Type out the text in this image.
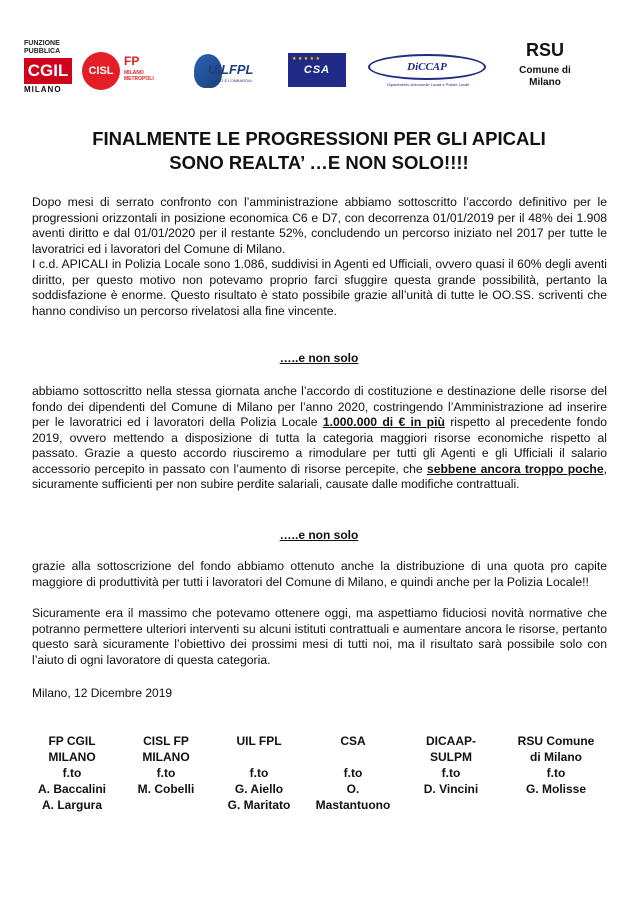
FUNZIONE PUBBLICA
CGIL
MILANO
CISL
FP
MILANO METROPOLI
UILFPL
MILANO E LOMBARDIA
★ ★ ★ ★ ★
CSA	DiCCAP
Dipartimento Autonomie Locali e Polizie Locali
RSU
Comune di
Milano
FINALMENTE LE PROGRESSIONI PER GLI APICALI
SONO REALTA’ …E NON SOLO!!!!
Dopo mesi di serrato confronto con l’amministrazione abbiamo sottoscritto l’accordo definitivo per le progressioni orizzontali in posizione economica C6 e D7, con decorrenza 01/01/2019 per il 48% dei 1.908 aventi diritto e dal 01/01/2020 per il restante 52%, concludendo un percorso iniziato nel 2017 per tutte le lavoratrici ed i lavoratori del Comune di Milano.
I c.d. APICALI in Polizia Locale sono 1.086, suddivisi in Agenti ed Ufficiali, ovvero quasi il 60% degli aventi diritto, per questo motivo non potevamo proprio farci sfuggire questa grande possibilità, pertanto la soddisfazione è enorme. Questo risultato è stato possibile grazie all’unità di tutte le OO.SS. scriventi che hanno condiviso un percorso rivelatosi alla fine vincente.
…..e non solo
abbiamo sottoscritto nella stessa giornata anche l’accordo di costituzione e destinazione delle risorse del fondo dei dipendenti del Comune di Milano per l’anno 2020, costringendo l’Amministrazione ad inserire per le lavoratrici ed i lavoratori della Polizia Locale 1.000.000 di € in più rispetto al precedente fondo 2019, ovvero mettendo a disposizione di tutta la categoria maggiori risorse economiche rispetto al passato. Grazie a questo accordo riusciremo a rimodulare per tutti gli Agenti e gli Ufficiali il salario accessorio percepito in passato con l’aumento di risorse percepite, che sebbene ancora troppo poche, sicuramente sufficienti per non subire perdite salariali, causate dalle modifiche contrattuali.
…..e non solo
grazie alla sottoscrizione del fondo abbiamo ottenuto anche la distribuzione di una quota pro capite maggiore di produttività per tutti i lavoratori del Comune di Milano, e quindi anche per la Polizia Locale!!
Sicuramente era il massimo che potevamo ottenere oggi, ma aspettiamo fiduciosi novità normative che potranno permettere ulteriori interventi su alcuni istituti contrattuali e aumentare ancora le risorse, pertanto questo sarà sicuramente l’obiettivo dei prossimi mesi di tutti noi, ma il risultato sarà possibile solo con l’aiuto di ogni lavoratore di questa categoria.
Milano, 12 Dicembre 2019
FP CGIL
MILANO
f.to
A. Baccalini
A. Largura
CISL FP
MILANO
f.to
M. Cobelli
UIL FPL

f.to
G. Aiello
G. Maritato
CSA

f.to
O.
Mastantuono
DICAAP-
SULPM
f.to
D. Vincini
RSU Comune
di Milano
f.to
G. Molisse
